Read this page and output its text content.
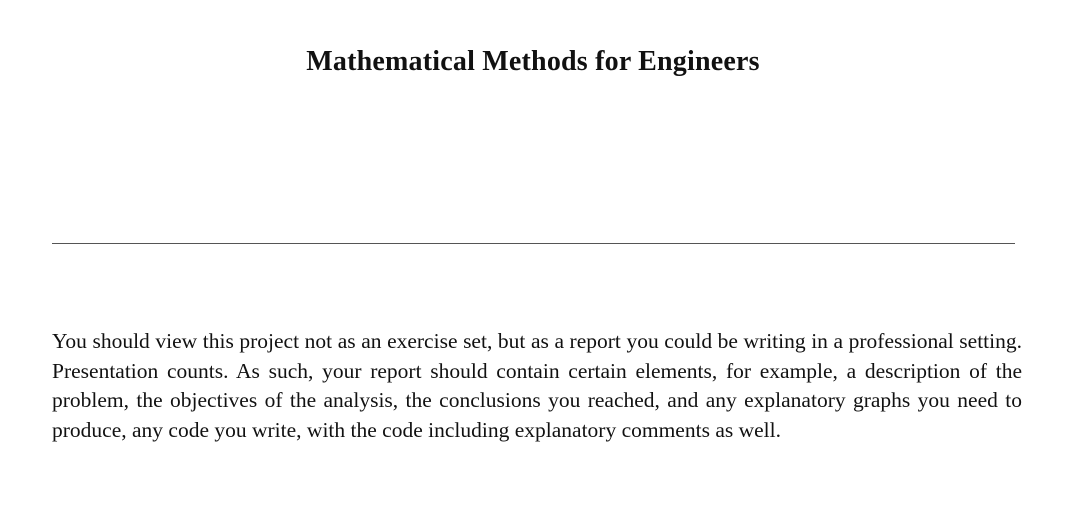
Mathematical Methods for Engineers

You should view this project not as an exercise set, but as a report you could be writing in a professional setting. Presentation counts. As such, your report should contain certain elements, for example, a description of the problem, the objectives of the analysis, the conclusions you reached, and any explanatory graphs you need to produce, any code you write, with the code including explanatory comments as well.
